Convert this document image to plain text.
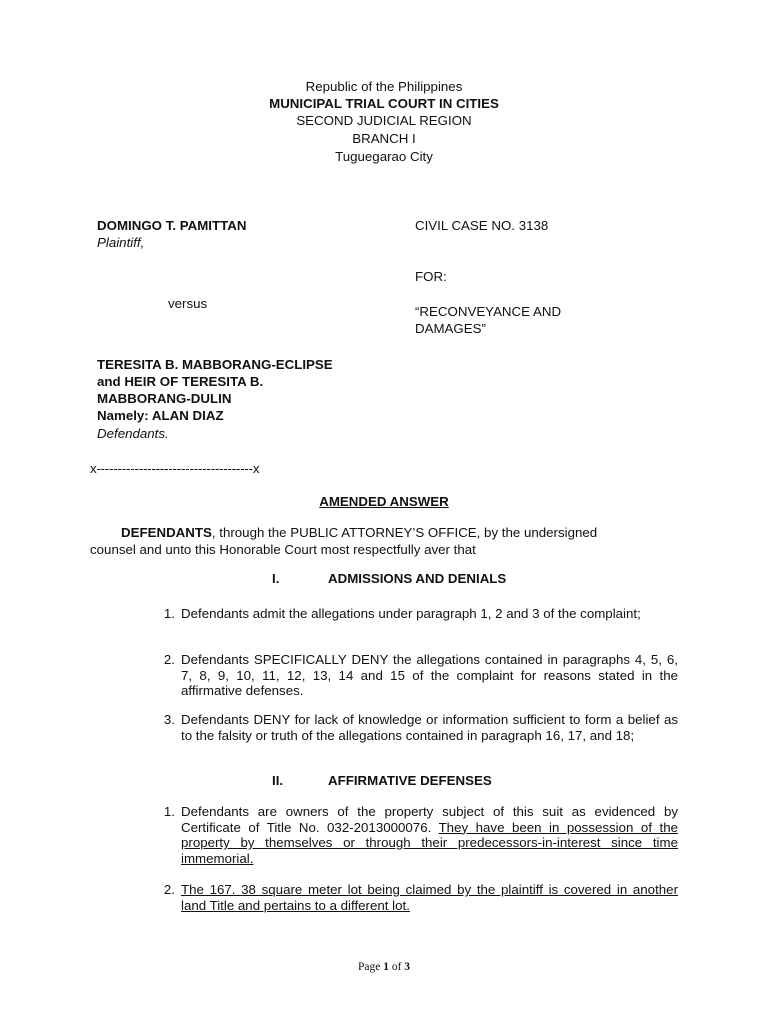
Republic of the Philippines
MUNICIPAL TRIAL COURT IN CITIES
SECOND JUDICIAL REGION
BRANCH I
Tuguegarao City
DOMINGO T. PAMITTAN
Plaintiff,
versus
TERESITA B. MABBORANG-ECLIPSE
and HEIR OF TERESITA B.
MABBORANG-DULIN
Namely: ALAN DIAZ
Defendants.
CIVIL CASE NO. 3138
FOR:
“RECONVEYANCE AND
DAMAGES”
x-------------------------------------x
AMENDED ANSWER
DEFENDANTS, through the PUBLIC ATTORNEY’S OFFICE, by the undersigned
counsel and unto this Honorable Court most respectfully aver that
I.	ADMISSIONS AND DENIALS
1. Defendants admit the allegations under paragraph 1, 2 and 3 of the complaint;
2. Defendants SPECIFICALLY DENY the allegations contained in paragraphs 4, 5, 6, 7, 8, 9, 10, 11, 12, 13, 14 and 15 of the complaint for reasons stated in the affirmative defenses.
3. Defendants DENY for lack of knowledge or information sufficient to form a belief as to the falsity or truth of the allegations contained in paragraph 16, 17, and 18;
II.	AFFIRMATIVE DEFENSES
1. Defendants are owners of the property subject of this suit as evidenced by Certificate of Title No. 032-2013000076. They have been in possession of the property by themselves or through their predecessors-in-interest since time immemorial.
2. The 167. 38 square meter lot being claimed by the plaintiff is covered in another land Title and pertains to a different lot.
Page 1 of 3
